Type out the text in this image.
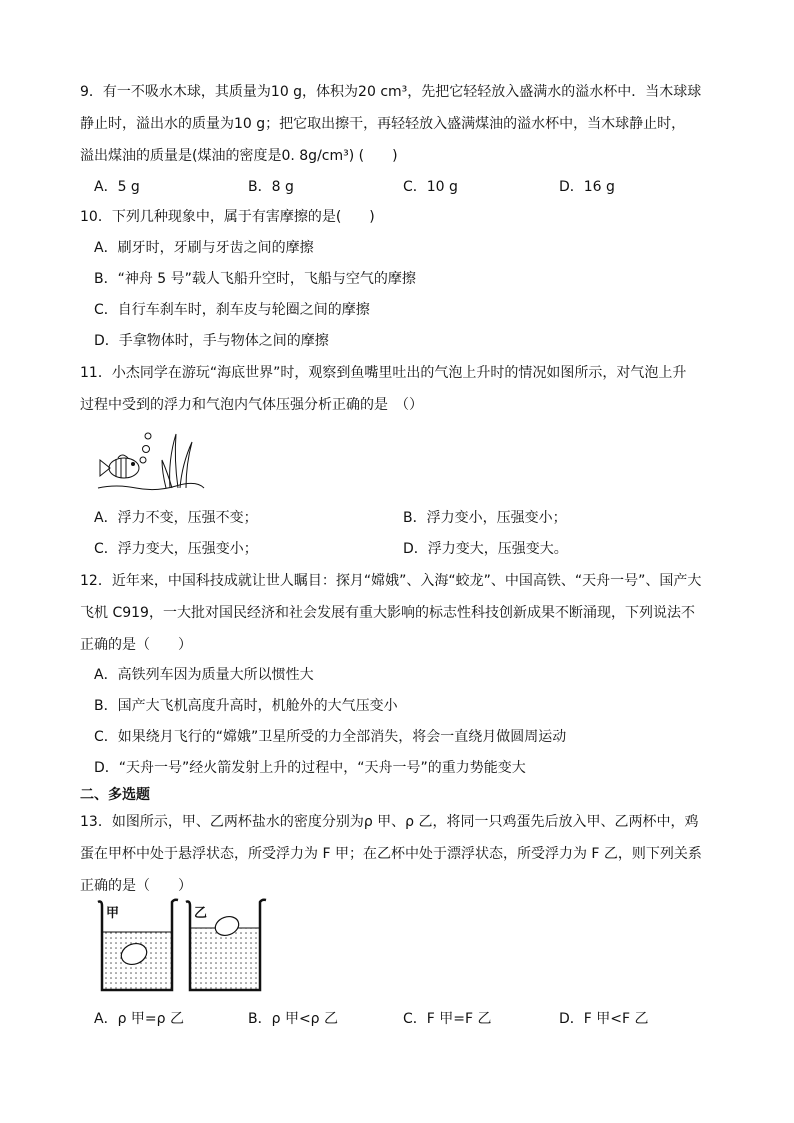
9．有一不吸水木球，其质量为10 g，体积为20 cm³，先把它轻轻放入盛满水的溢水杯中．当木球球
静止时，溢出水的质量为10 g；把它取出擦干，再轻轻放入盛满煤油的溢水杯中，当木球静止时，
溢出煤油的质量是(煤油的密度是0. 8g/cm³) (　　)
A．5 g	B．8 g	C．10 g	D．16 g
10．下列几种现象中，属于有害摩擦的是(　　)
A．刷牙时，牙刷与牙齿之间的摩擦
B．“神舟 5 号”载人飞船升空时，飞船与空气的摩擦
C．自行车刹车时，刹车皮与轮圈之间的摩擦
D．手拿物体时，手与物体之间的摩擦
11．小杰同学在游玩“海底世界”时，观察到鱼嘴里吐出的气泡上升时的情况如图所示，对气泡上升
过程中受到的浮力和气泡内气体压强分析正确的是　（）
A．浮力不变，压强不变；	B．浮力变小，压强变小；
C．浮力变大，压强变小；	D．浮力变大，压强变大。
12．近年来，中国科技成就让世人瞩目：探月“嫦娥”、入海“蛟龙”、中国高铁、“天舟一号”、国产大
飞机 C919，一大批对国民经济和社会发展有重大影响的标志性科技创新成果不断涌现，下列说法不
正确的是（　　）
A．高铁列车因为质量大所以惯性大
B．国产大飞机高度升高时，机舱外的大气压变小
C．如果绕月飞行的“嫦娥”卫星所受的力全部消失，将会一直绕月做圆周运动
D．“天舟一号”经火箭发射上升的过程中，“天舟一号”的重力势能变大
二、多选题
13．如图所示，甲、乙两杯盐水的密度分别为ρ 甲、ρ 乙，将同一只鸡蛋先后放入甲、乙两杯中，鸡
蛋在甲杯中处于悬浮状态，所受浮力为 F 甲；在乙杯中处于漂浮状态，所受浮力为 F 乙，则下列关系
正确的是（　　）
甲	乙
A．ρ 甲=ρ 乙	B．ρ 甲<ρ 乙	C．F 甲=F 乙	D．F 甲<F 乙
